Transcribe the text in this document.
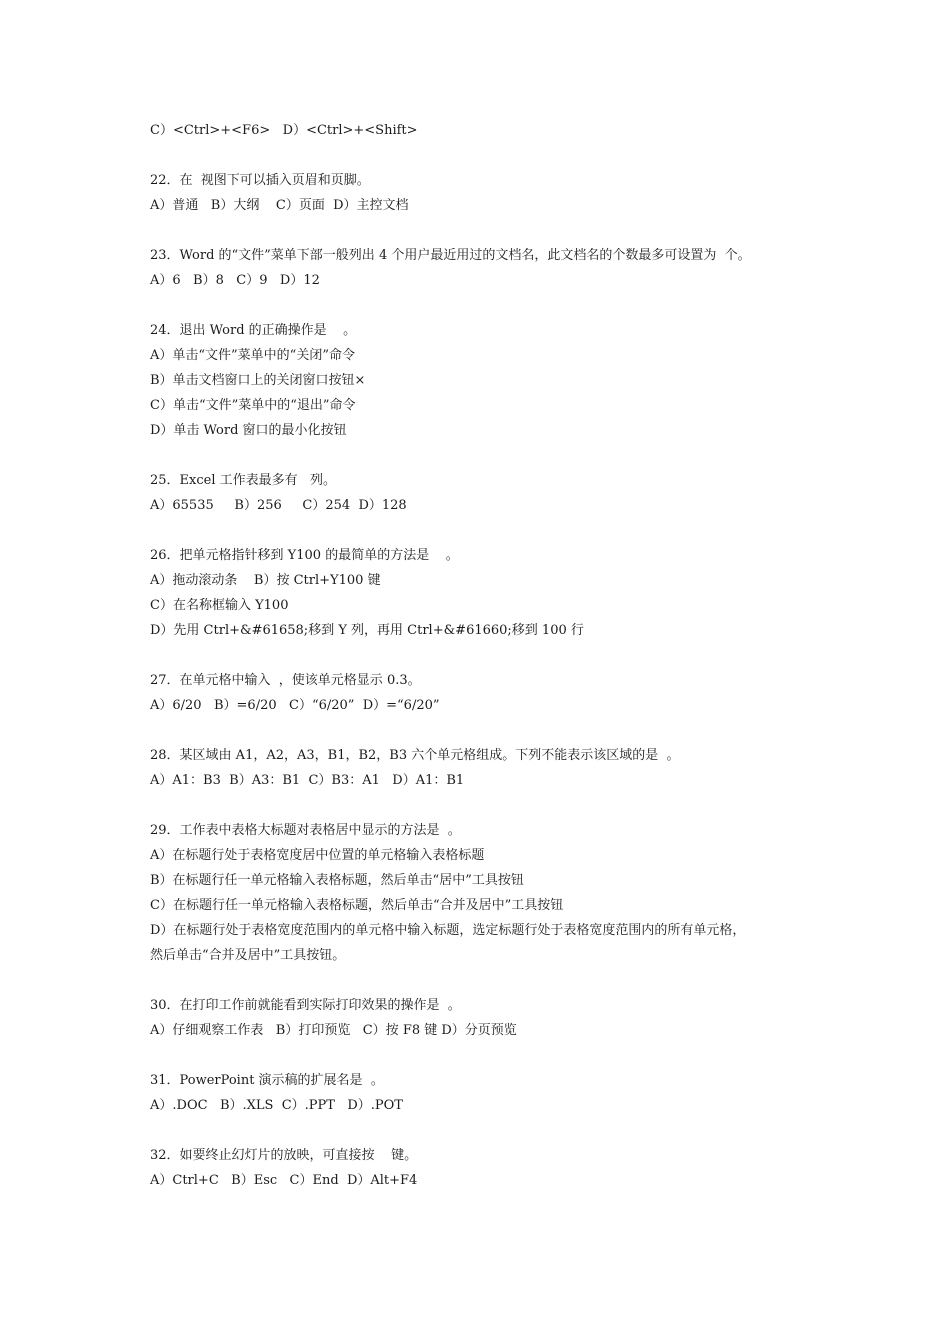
C）<Ctrl>+<F6>   D）<Ctrl>+<Shift>
22．在  视图下可以插入页眉和页脚。
A）普通   B）大纲    C）页面  D）主控文档
23．Word 的“文件”菜单下部一般列出 4 个用户最近用过的文档名，此文档名的个数最多可设置为  个。
A）6   B）8   C）9   D）12
24．退出 Word 的正确操作是    。
A）单击“文件”菜单中的“关闭”命令
B）单击文档窗口上的关闭窗口按钮×
C）单击“文件”菜单中的“退出”命令
D）单击 Word 窗口的最小化按钮
25．Excel 工作表最多有   列。
A）65535     B）256     C）254  D）128
26．把单元格指针移到 Y100 的最简单的方法是    。
A）拖动滚动条    B）按 Ctrl+Y100 键
C）在名称框输入 Y100
D）先用 Ctrl+&#61658;移到 Y 列，再用 Ctrl+&#61660;移到 100 行
27．在单元格中输入  ，使该单元格显示 0.3。
A）6/20   B）=6/20   C）“6/20”  D）=“6/20”
28．某区域由 A1，A2，A3，B1，B2，B3 六个单元格组成。下列不能表示该区域的是  。
A）A1：B3  B）A3：B1  C）B3：A1   D）A1：B1
29．工作表中表格大标题对表格居中显示的方法是  。
A）在标题行处于表格宽度居中位置的单元格输入表格标题
B）在标题行任一单元格输入表格标题，然后单击“居中”工具按钮
C）在标题行任一单元格输入表格标题，然后单击“合并及居中”工具按钮
D）在标题行处于表格宽度范围内的单元格中输入标题，选定标题行处于表格宽度范围内的所有单元格，
然后单击“合并及居中”工具按钮。
30．在打印工作前就能看到实际打印效果的操作是  。
A）仔细观察工作表   B）打印预览   C）按 F8 键 D）分页预览
31．PowerPoint 演示稿的扩展名是  。
A）.DOC   B）.XLS  C）.PPT   D）.POT
32．如要终止幻灯片的放映，可直接按    键。
A）Ctrl+C   B）Esc   C）End  D）Alt+F4
